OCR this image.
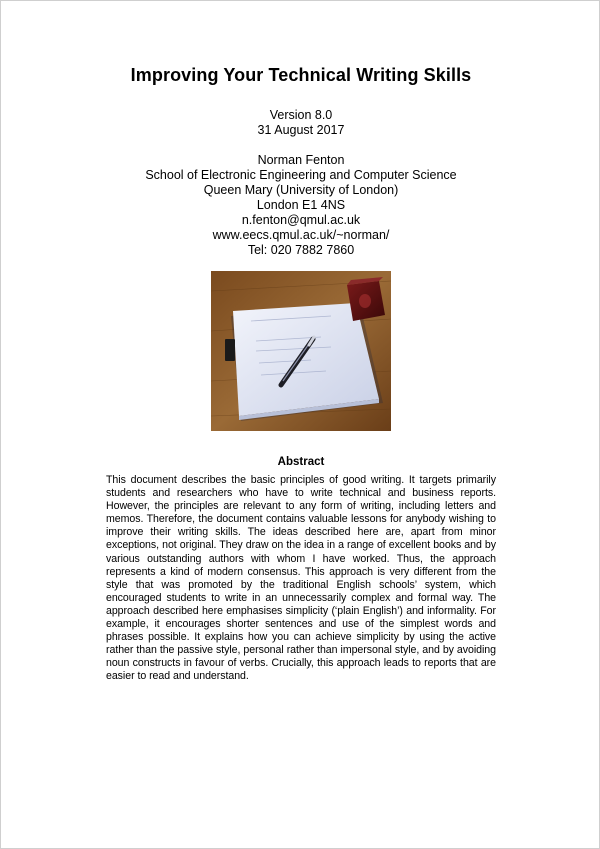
Improving Your Technical Writing Skills
Version 8.0
31 August 2017
Norman Fenton
School of Electronic Engineering and Computer Science
Queen Mary (University of London)
London E1 4NS
n.fenton@qmul.ac.uk
www.eecs.qmul.ac.uk/~norman/
Tel: 020 7882 7860
Abstract
This document describes the basic principles of good writing. It targets primarily students and researchers who have to write technical and business reports. However, the principles are relevant to any form of writing, including letters and memos. Therefore, the document contains valuable lessons for anybody wishing to improve their writing skills. The ideas described here are, apart from minor exceptions, not original. They draw on the idea in a range of excellent books and by various outstanding authors with whom I have worked. Thus, the approach represents a kind of modern consensus. This approach is very different from the style that was promoted by the traditional English schools’ system, which encouraged students to write in an unnecessarily complex and formal way. The approach described here emphasises simplicity (‘plain English’) and informality. For example, it encourages shorter sentences and use of the simplest words and phrases possible. It explains how you can achieve simplicity by using the active rather than the passive style, personal rather than impersonal style, and by avoiding noun constructs in favour of verbs. Crucially, this approach leads to reports that are easier to read and understand.
